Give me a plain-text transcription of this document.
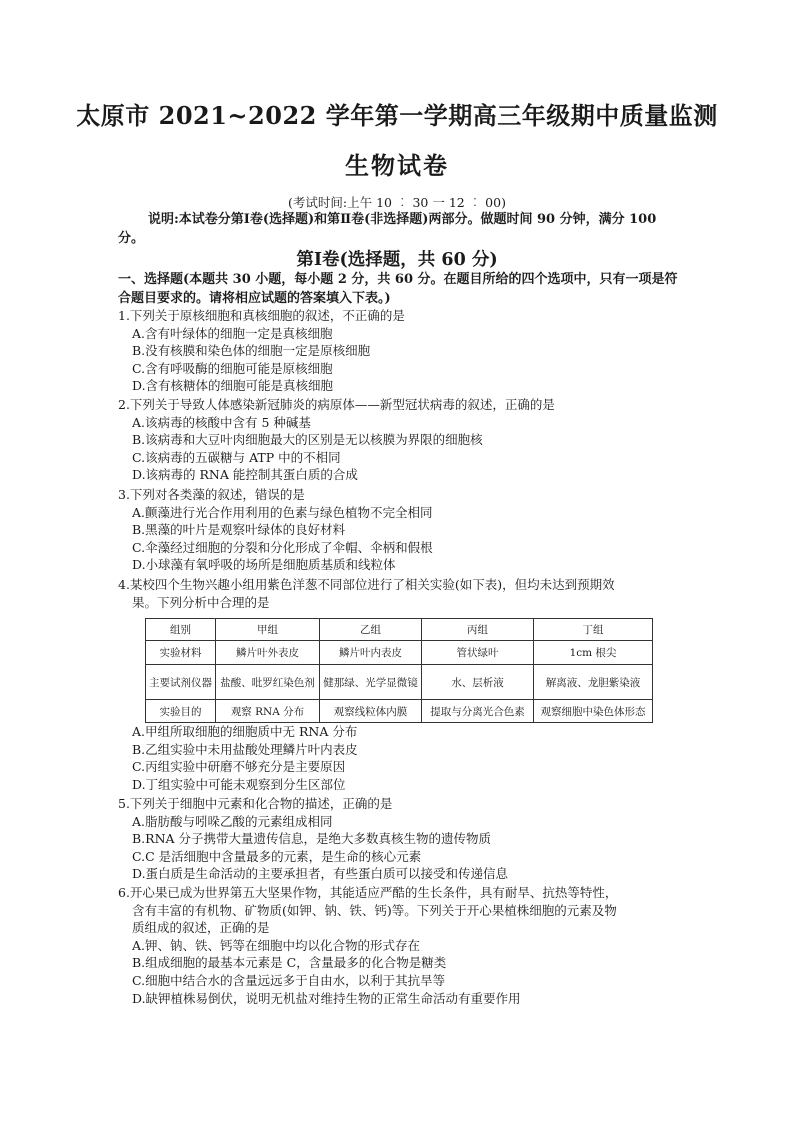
太原市 2021~2022 学年第一学期高三年级期中质量监测
生物试卷
(考试时间:上午 10 ︰ 30 一 12 ︰ 00)
说明:本试卷分第Ⅰ卷(选择题)和第Ⅱ卷(非选择题)两部分。做题时间 90 分钟，满分 100 分。
第Ⅰ卷(选择题，共 60 分)
一、选择题(本题共 30 小题，每小题 2 分，共 60 分。在题目所给的四个选项中，只有一项是符合题目要求的。请将相应试题的答案填入下表。)
1.下列关于原核细胞和真核细胞的叙述，不正确的是
A.含有叶绿体的细胞一定是真核细胞
B.没有核膜和染色体的细胞一定是原核细胞
C.含有呼吸酶的细胞可能是原核细胞
D.含有核糖体的细胞可能是真核细胞
2.下列关于导致人体感染新冠肺炎的病原体——新型冠状病毒的叙述，正确的是
A.该病毒的核酸中含有 5 种碱基
B.该病毒和大豆叶肉细胞最大的区别是无以核膜为界限的细胞核
C.该病毒的五碳糖与 ATP 中的不相同
D.该病毒的 RNA 能控制其蛋白质的合成
3.下列对各类藻的叙述，错误的是
A.颤藻进行光合作用利用的色素与绿色植物不完全相同
B.黑藻的叶片是观察叶绿体的良好材料
C.伞藻经过细胞的分裂和分化形成了伞帽、伞柄和假根
D.小球藻有氧呼吸的场所是细胞质基质和线粒体
4.某校四个生物兴趣小组用紫色洋葱不同部位进行了相关实验(如下表)，但均未达到预期效
果。下列分析中合理的是
组别	甲组	乙组	丙组	丁组
实验材料	鳞片叶外表皮	鳞片叶内表皮	管状绿叶	1cm 根尖
主要试剂仪器	盐酸、吡罗红染色剂	健那绿、光学显微镜	水、层析液	解离液、龙胆紫染液
实验目的	观察 RNA 分布	观察线粒体内膜	提取与分离光合色素	观察细胞中染色体形态
A.甲组所取细胞的细胞质中无 RNA 分布
B.乙组实验中未用盐酸处理鳞片叶内表皮
C.丙组实验中研磨不够充分是主要原因
D.丁组实验中可能未观察到分生区部位
5.下列关于细胞中元素和化合物的描述，正确的是
A.脂肪酸与吲哚乙酸的元素组成相同
B.RNA 分子携带大量遗传信息，是绝大多数真核生物的遗传物质
C.C 是活细胞中含量最多的元素，是生命的核心元素
D.蛋白质是生命活动的主要承担者，有些蛋白质可以接受和传递信息
6.开心果已成为世界第五大坚果作物，其能适应严酷的生长条件，具有耐旱、抗热等特性，
含有丰富的有机物、矿物质(如钾、钠、铁、钙)等。下列关于开心果植株细胞的元素及物
质组成的叙述，正确的是
A.钾、钠、铁、钙等在细胞中均以化合物的形式存在
B.组成细胞的最基本元素是 C，含量最多的化合物是糖类
C.细胞中结合水的含量远远多于自由水，以利于其抗旱等
D.缺钾植株易倒伏，说明无机盐对维持生物的正常生命活动有重要作用
